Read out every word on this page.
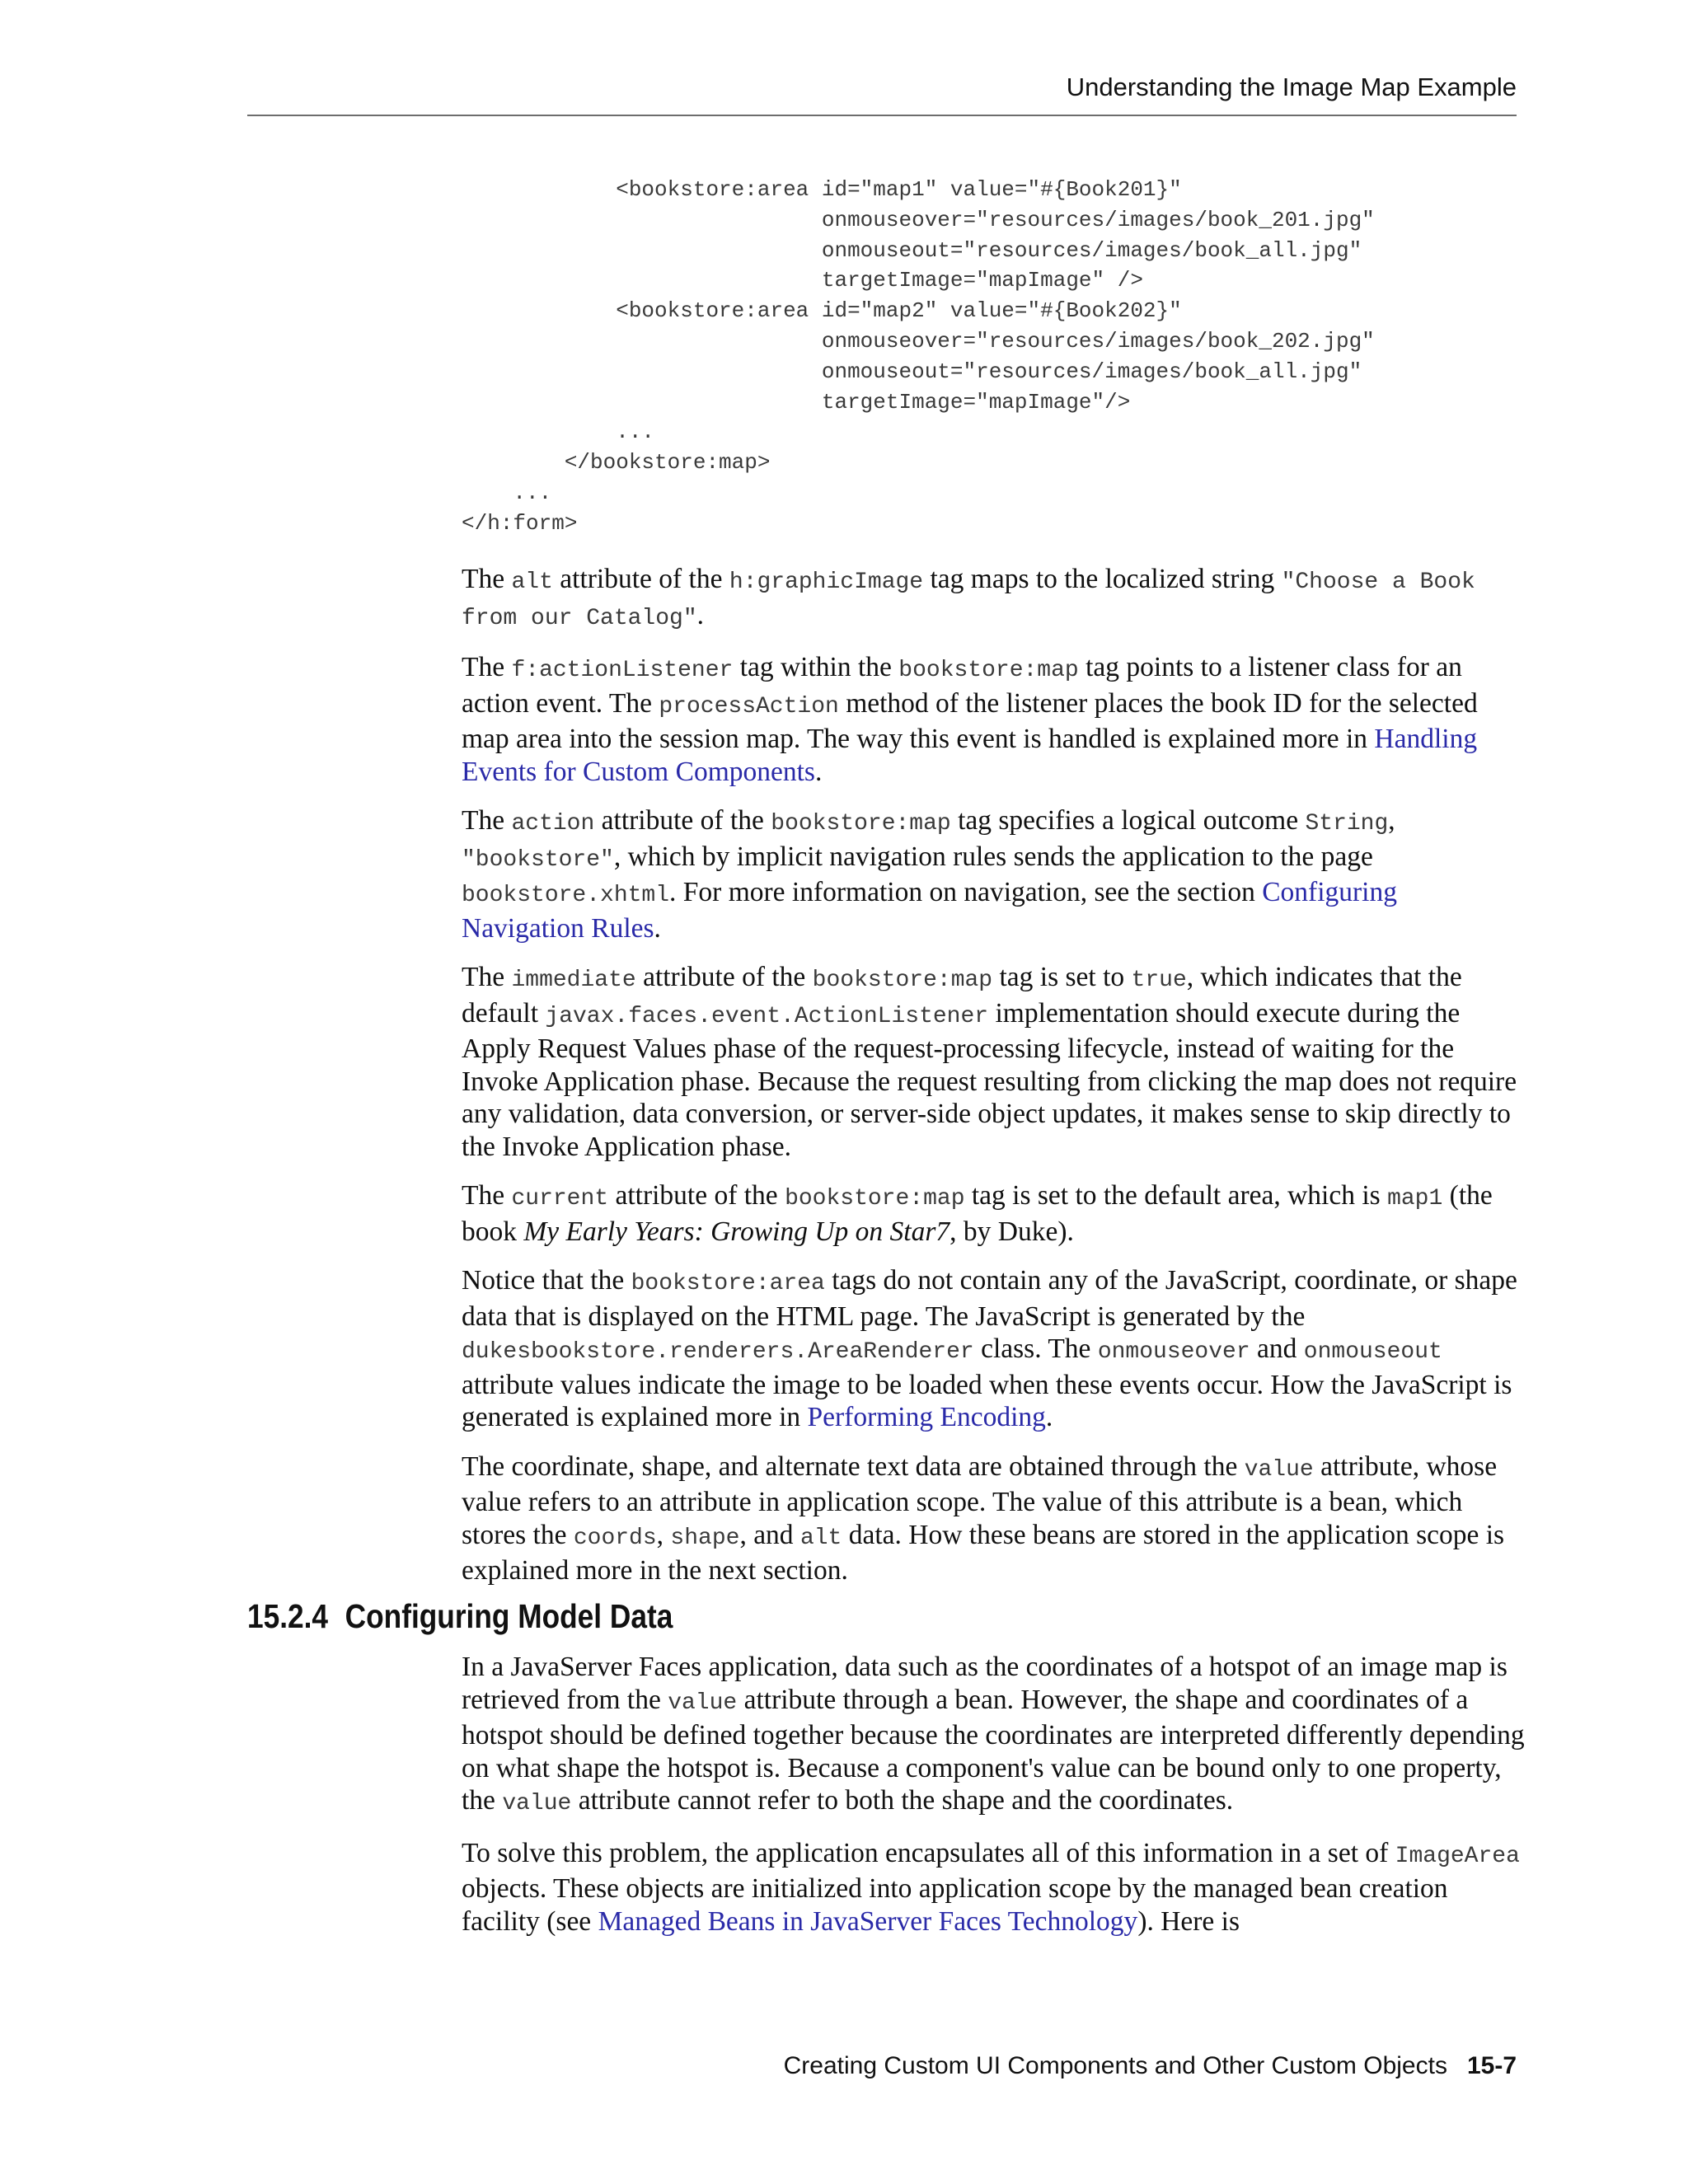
Understanding the Image Map Example
<bookstore:area id="map1" value="#{Book201}"
onmouseover="resources/images/book_201.jpg"
onmouseout="resources/images/book_all.jpg"
targetImage="mapImage" />
<bookstore:area id="map2" value="#{Book202}"
onmouseover="resources/images/book_202.jpg"
onmouseout="resources/images/book_all.jpg"
targetImage="mapImage"/>
...
</bookstore:map>
...
</h:form>

The alt attribute of the h:graphicImage tag maps to the localized string "Choose a Book from our Catalog".

The f:actionListener tag within the bookstore:map tag points to a listener class for an action event. The processAction method of the listener places the book ID for the selected map area into the session map. The way this event is handled is explained more in Handling Events for Custom Components.

The action attribute of the bookstore:map tag specifies a logical outcome String, "bookstore", which by implicit navigation rules sends the application to the page bookstore.xhtml. For more information on navigation, see the section Configuring Navigation Rules.

The immediate attribute of the bookstore:map tag is set to true, which indicates that the default javax.faces.event.ActionListener implementation should execute during the Apply Request Values phase of the request-processing lifecycle, instead of waiting for the Invoke Application phase. Because the request resulting from clicking the map does not require any validation, data conversion, or server-side object updates, it makes sense to skip directly to the Invoke Application phase.

The current attribute of the bookstore:map tag is set to the default area, which is map1 (the book My Early Years: Growing Up on Star7, by Duke).

Notice that the bookstore:area tags do not contain any of the JavaScript, coordinate, or shape data that is displayed on the HTML page. The JavaScript is generated by the dukesbookstore.renderers.AreaRenderer class. The onmouseover and onmouseout attribute values indicate the image to be loaded when these events occur. How the JavaScript is generated is explained more in Performing Encoding.

The coordinate, shape, and alternate text data are obtained through the value attribute, whose value refers to an attribute in application scope. The value of this attribute is a bean, which stores the coords, shape, and alt data. How these beans are stored in the application scope is explained more in the next section.

15.2.4 Configuring Model Data

In a JavaServer Faces application, data such as the coordinates of a hotspot of an image map is retrieved from the value attribute through a bean. However, the shape and coordinates of a hotspot should be defined together because the coordinates are interpreted differently depending on what shape the hotspot is. Because a component's value can be bound only to one property, the value attribute cannot refer to both the shape and the coordinates.

To solve this problem, the application encapsulates all of this information in a set of ImageArea objects. These objects are initialized into application scope by the managed bean creation facility (see Managed Beans in JavaServer Faces Technology). Here is

Creating Custom UI Components and Other Custom Objects 15-7
